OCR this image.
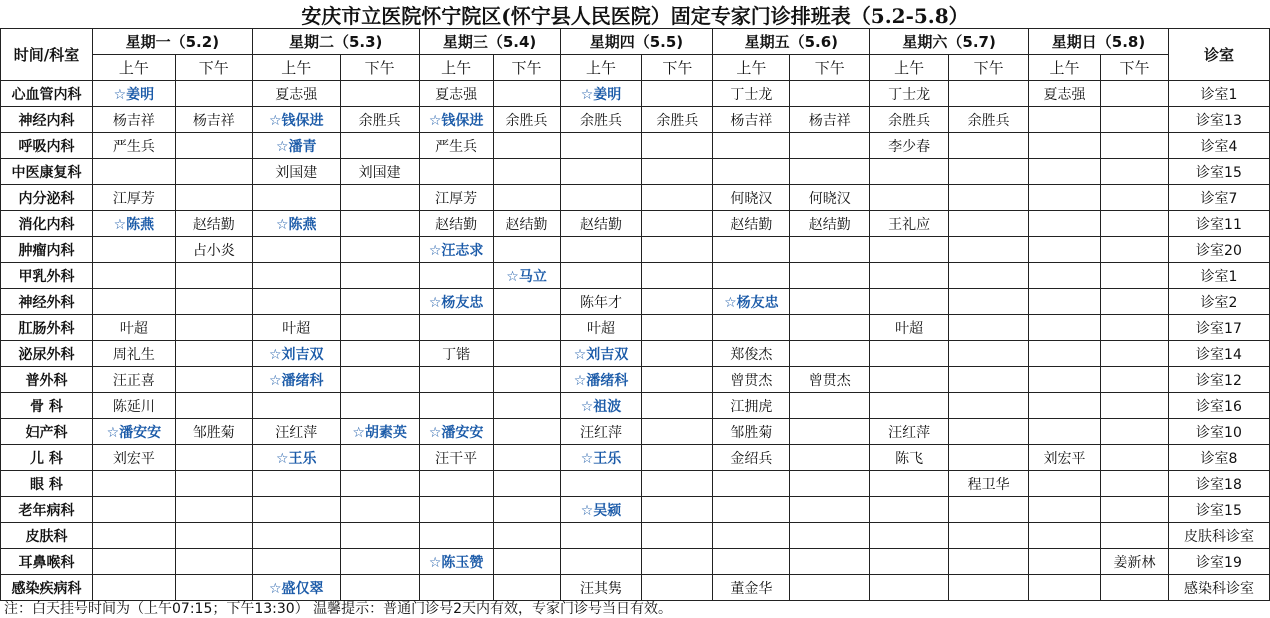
安庆市立医院怀宁院区(怀宁县人民医院）固定专家门诊排班表（5.2-5.8）
时间/科室	星期一（5.2)		星期二（5.3)		星期三（5.4)		星期四（5.5)		星期五（5.6)		星期六（5.7)		星期日（5.8)		诊室
	上午	下午	上午	下午	上午	下午	上午	下午	上午	下午	上午	下午	上午	下午	
心血管内科	☆姜明		夏志强		夏志强		☆姜明		丁士龙		丁士龙		夏志强		诊室1
神经内科	杨吉祥	杨吉祥	☆钱保进	余胜兵	☆钱保进	余胜兵	余胜兵	余胜兵	杨吉祥	杨吉祥	余胜兵	余胜兵			诊室13
呼吸内科	严生兵		☆潘青		严生兵						李少春				诊室4
中医康复科			刘国建	刘国建											诊室15
内分泌科	江厚芳				江厚芳				何晓汉	何晓汉					诊室7
消化内科	☆陈燕	赵结勤	☆陈燕		赵结勤	赵结勤	赵结勤		赵结勤	赵结勤	王礼应				诊室11
肿瘤内科		占小炎			☆汪志求										诊室20
甲乳外科						☆马立									诊室1
神经外科					☆杨友忠		陈年才		☆杨友忠						诊室2
肛肠外科	叶超		叶超				叶超				叶超				诊室17
泌尿外科	周礼生		☆刘吉双		丁锴		☆刘吉双		郑俊杰						诊室14
普外科	汪正喜		☆潘绪科				☆潘绪科		曾贯杰	曾贯杰					诊室12
骨 科	陈延川						☆祖波		江拥虎						诊室16
妇产科	☆潘安安	邹胜菊	汪红萍	☆胡素英	☆潘安安		汪红萍		邹胜菊		汪红萍				诊室10
儿 科	刘宏平		☆王乐		汪干平		☆王乐		金绍兵		陈飞		刘宏平		诊室8
眼 科												程卫华			诊室18
老年病科							☆吴颍								诊室15
皮肤科															皮肤科诊室
耳鼻喉科					☆陈玉赞									姜新林	诊室19
感染疾病科			☆盛仅翠				汪其隽		董金华						感染科诊室
注：白天挂号时间为（上午07:15；下午13:30） 温馨提示：普通门诊号2天内有效，专家门诊号当日有效。
